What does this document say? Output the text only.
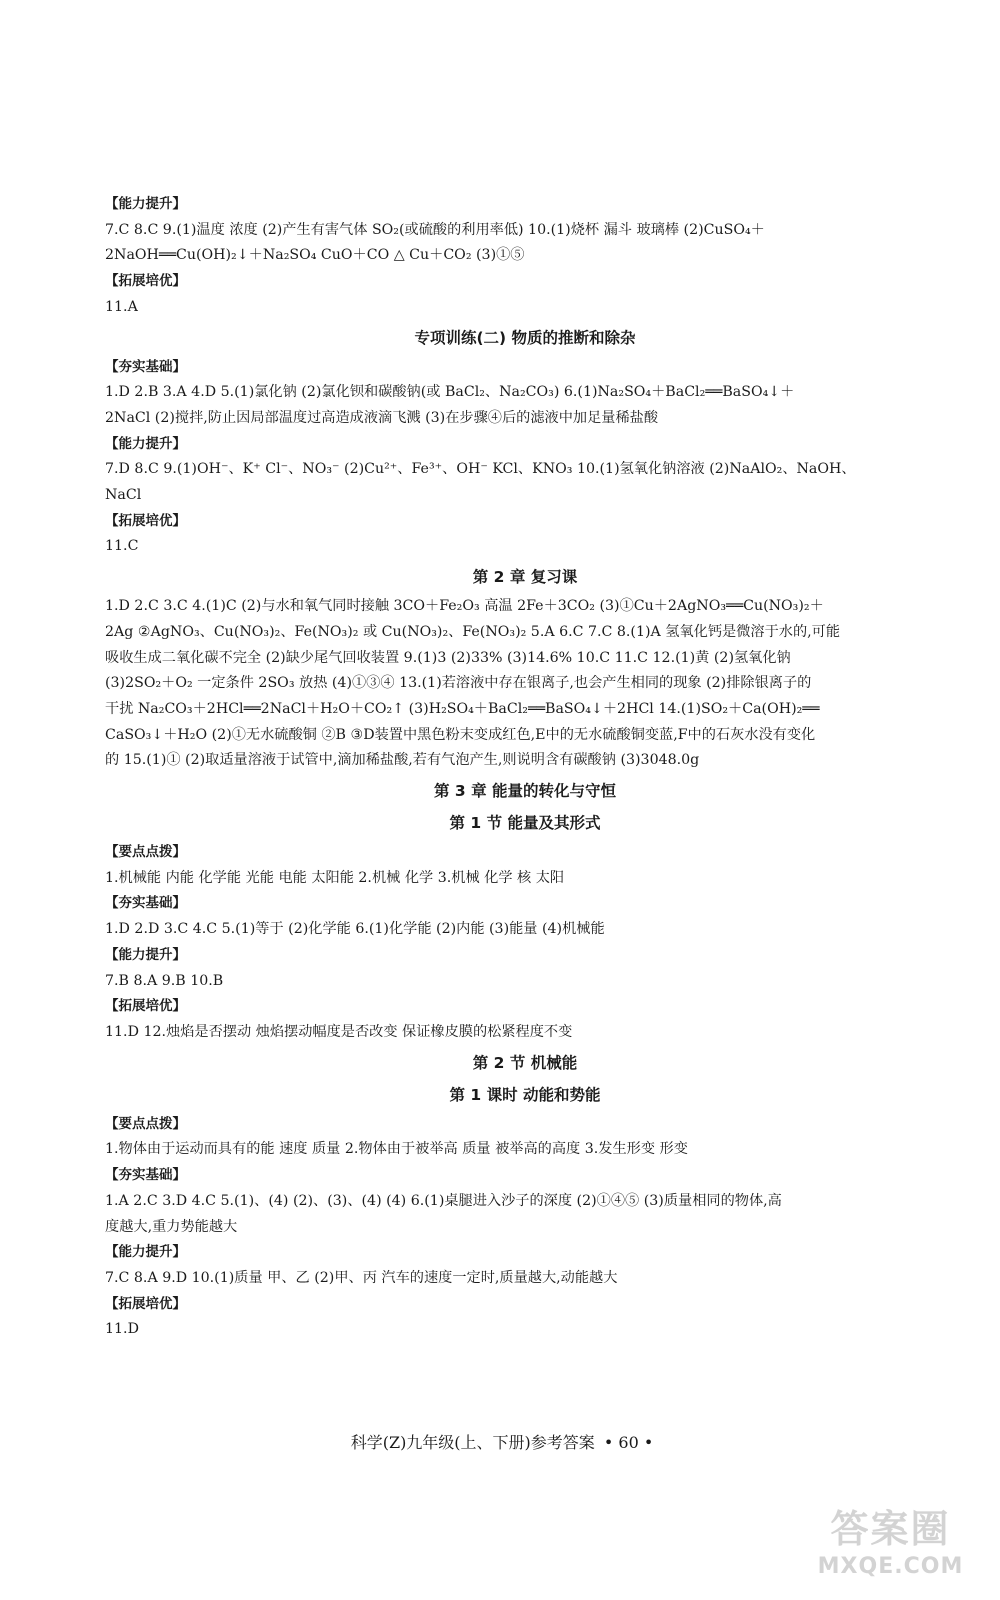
【能力提升】
7.C 8.C 9.(1)温度 浓度 (2)产生有害气体 SO₂(或硫酸的利用率低) 10.(1)烧杯 漏斗 玻璃棒 (2)CuSO₄＋
2NaOH══Cu(OH)₂↓＋Na₂SO₄ CuO＋CO △ Cu＋CO₂ (3)①⑤
【拓展培优】
11.A
专项训练(二) 物质的推断和除杂
【夯实基础】
1.D 2.B 3.A 4.D 5.(1)氯化钠 (2)氯化钡和碳酸钠(或 BaCl₂、Na₂CO₃) 6.(1)Na₂SO₄＋BaCl₂══BaSO₄↓＋
2NaCl (2)搅拌,防止因局部温度过高造成液滴飞溅 (3)在步骤④后的滤液中加足量稀盐酸
【能力提升】
7.D 8.C 9.(1)OH⁻、K⁺ Cl⁻、NO₃⁻ (2)Cu²⁺、Fe³⁺、OH⁻ KCl、KNO₃ 10.(1)氢氧化钠溶液 (2)NaAlO₂、NaOH、
NaCl
【拓展培优】
11.C
第 2 章 复习课
1.D 2.C 3.C 4.(1)C (2)与水和氧气同时接触 3CO＋Fe₂O₃ 高温 2Fe＋3CO₂ (3)①Cu＋2AgNO₃══Cu(NO₃)₂＋
2Ag ②AgNO₃、Cu(NO₃)₂、Fe(NO₃)₂ 或 Cu(NO₃)₂、Fe(NO₃)₂ 5.A 6.C 7.C 8.(1)A 氢氧化钙是微溶于水的,可能
吸收生成二氧化碳不完全 (2)缺少尾气回收装置 9.(1)3 (2)33% (3)14.6% 10.C 11.C 12.(1)黄 (2)氢氧化钠
(3)2SO₂＋O₂ 一定条件 2SO₃ 放热 (4)①③④ 13.(1)若溶液中存在银离子,也会产生相同的现象 (2)排除银离子的
干扰 Na₂CO₃＋2HCl══2NaCl＋H₂O＋CO₂↑ (3)H₂SO₄＋BaCl₂══BaSO₄↓＋2HCl 14.(1)SO₂＋Ca(OH)₂══
CaSO₃↓＋H₂O (2)①无水硫酸铜 ②B ③D装置中黑色粉末变成红色,E中的无水硫酸铜变蓝,F中的石灰水没有变化
的 15.(1)① (2)取适量溶液于试管中,滴加稀盐酸,若有气泡产生,则说明含有碳酸钠 (3)3048.0g
第 3 章 能量的转化与守恒
第 1 节 能量及其形式
【要点点拨】
1.机械能 内能 化学能 光能 电能 太阳能 2.机械 化学 3.机械 化学 核 太阳
【夯实基础】
1.D 2.D 3.C 4.C 5.(1)等于 (2)化学能 6.(1)化学能 (2)内能 (3)能量 (4)机械能
【能力提升】
7.B 8.A 9.B 10.B
【拓展培优】
11.D 12.烛焰是否摆动 烛焰摆动幅度是否改变 保证橡皮膜的松紧程度不变
第 2 节 机械能
第 1 课时 动能和势能
【要点点拨】
1.物体由于运动而具有的能 速度 质量 2.物体由于被举高 质量 被举高的高度 3.发生形变 形变
【夯实基础】
1.A 2.C 3.D 4.C 5.(1)、(4) (2)、(3)、(4) (4) 6.(1)桌腿进入沙子的深度 (2)①④⑤ (3)质量相同的物体,高
度越大,重力势能越大
【能力提升】
7.C 8.A 9.D 10.(1)质量 甲、乙 (2)甲、丙 汽车的速度一定时,质量越大,动能越大
【拓展培优】
11.D
科学(Z)九年级(上、下册)参考答案 • 60 •
答案圈
MXQE.COM
